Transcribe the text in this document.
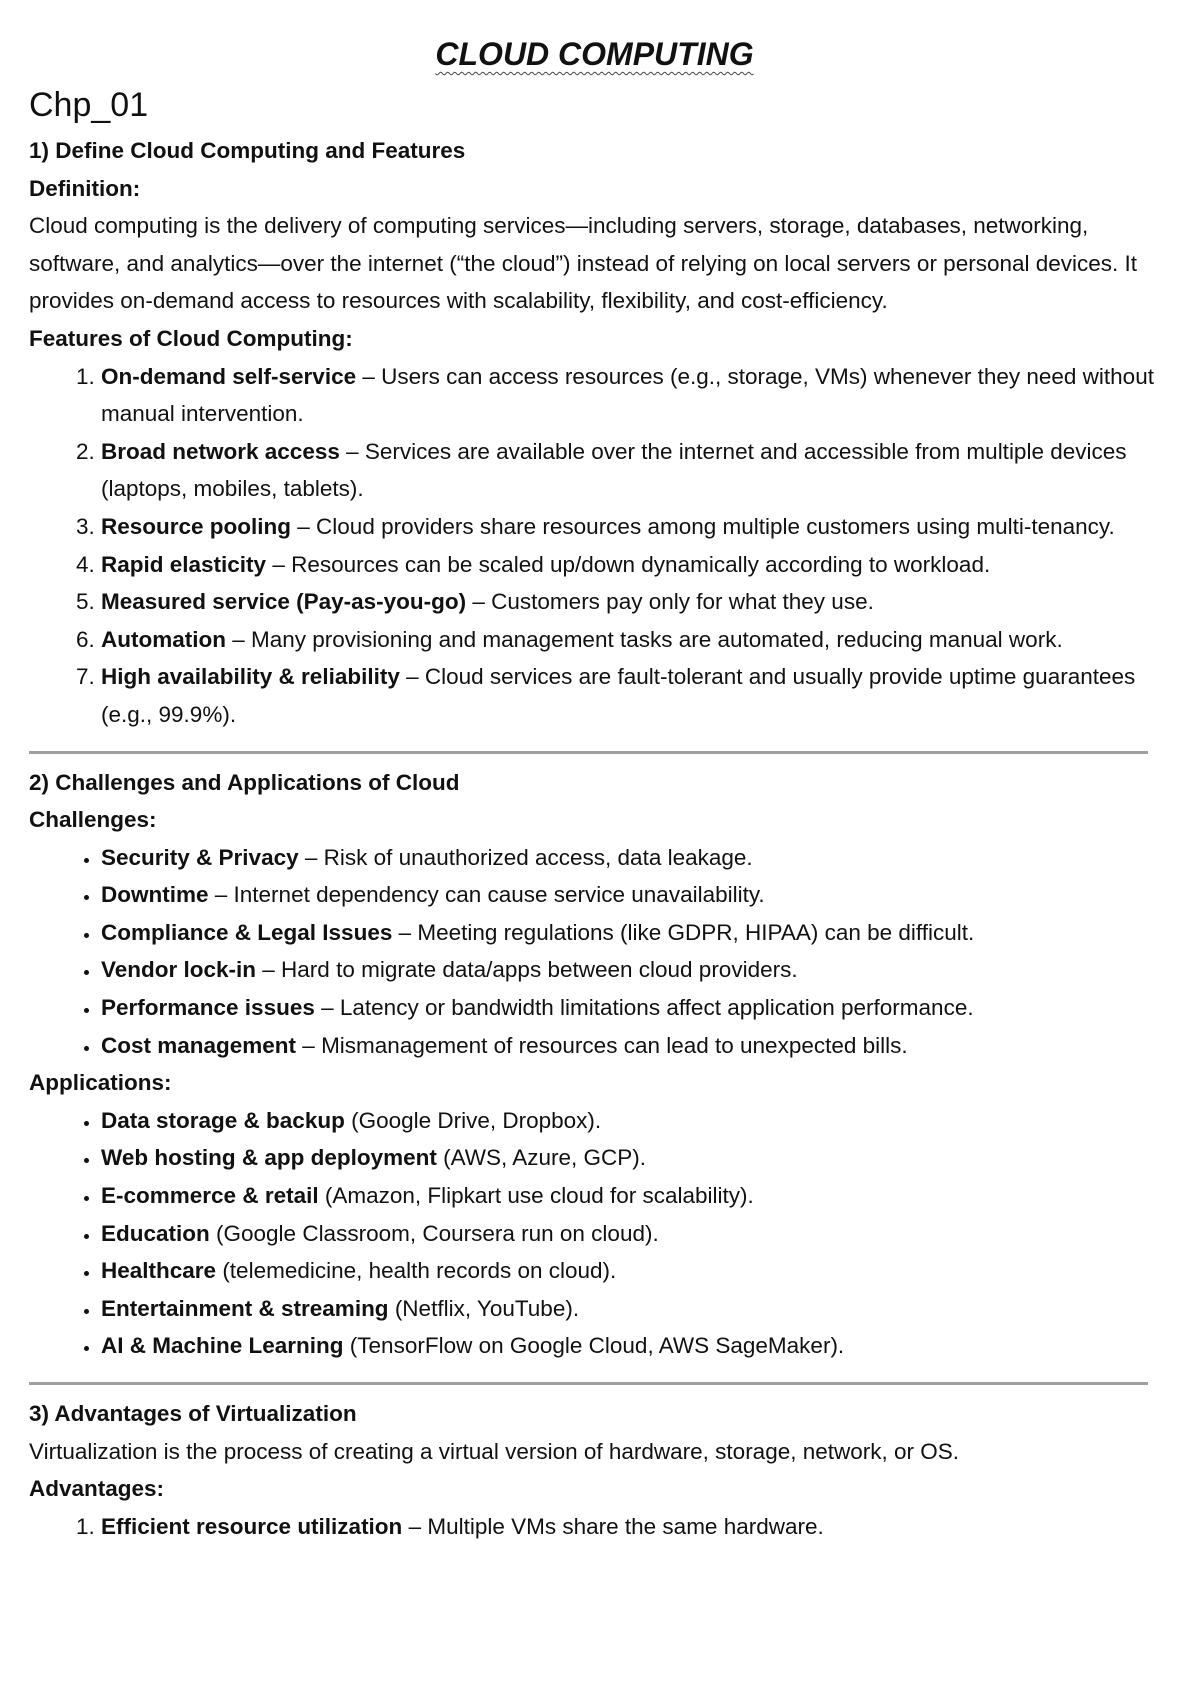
CLOUD COMPUTING
Chp_01

1) Define Cloud Computing and Features

Definition:

Cloud computing is the delivery of computing services—including servers, storage, databases, networking, software, and analytics—over the internet (“the cloud”) instead of relying on local servers or personal devices. It provides on-demand access to resources with scalability, flexibility, and cost-efficiency.

Features of Cloud Computing:

1. On-demand self-service – Users can access resources (e.g., storage, VMs) whenever they need without manual intervention.
2. Broad network access – Services are available over the internet and accessible from multiple devices (laptops, mobiles, tablets).
3. Resource pooling – Cloud providers share resources among multiple customers using multi-tenancy.
4. Rapid elasticity – Resources can be scaled up/down dynamically according to workload.
5. Measured service (Pay-as-you-go) – Customers pay only for what they use.
6. Automation – Many provisioning and management tasks are automated, reducing manual work.
7. High availability & reliability – Cloud services are fault-tolerant and usually provide uptime guarantees (e.g., 99.9%).

2) Challenges and Applications of Cloud

Challenges:

• Security & Privacy – Risk of unauthorized access, data leakage.
• Downtime – Internet dependency can cause service unavailability.
• Compliance & Legal Issues – Meeting regulations (like GDPR, HIPAA) can be difficult.
• Vendor lock-in – Hard to migrate data/apps between cloud providers.
• Performance issues – Latency or bandwidth limitations affect application performance.
• Cost management – Mismanagement of resources can lead to unexpected bills.

Applications:

• Data storage & backup (Google Drive, Dropbox).
• Web hosting & app deployment (AWS, Azure, GCP).
• E-commerce & retail (Amazon, Flipkart use cloud for scalability).
• Education (Google Classroom, Coursera run on cloud).
• Healthcare (telemedicine, health records on cloud).
• Entertainment & streaming (Netflix, YouTube).
• AI & Machine Learning (TensorFlow on Google Cloud, AWS SageMaker).

3) Advantages of Virtualization

Virtualization is the process of creating a virtual version of hardware, storage, network, or OS.

Advantages:

1. Efficient resource utilization – Multiple VMs share the same hardware.
